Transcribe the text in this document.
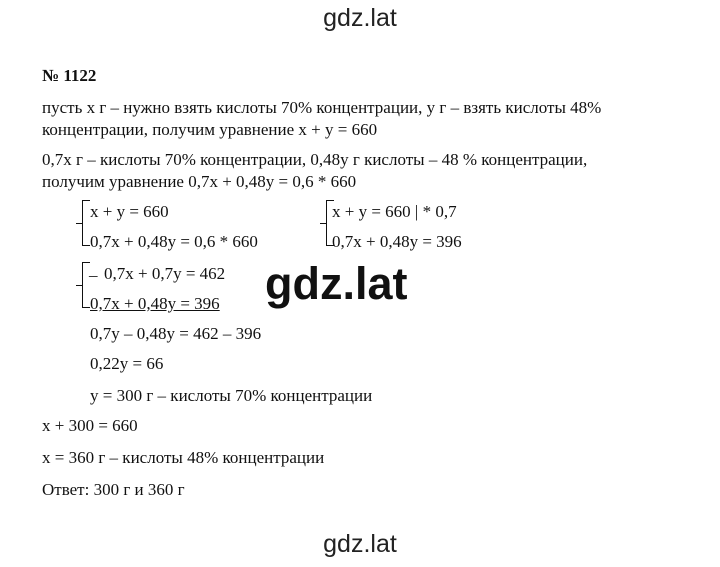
gdz.lat
№ 1122
пусть х г – нужно взять кислоты 70% концентрации, у г – взять кислоты 48%
концентрации, получим уравнение х + у = 660
0,7х г – кислоты 70% концентрации, 0,48у г кислоты – 48 % концентрации,
получим уравнение 0,7х + 0,48у = 0,6 * 660
х + у = 660
0,7х + 0,48у = 0,6 * 660
х + у = 660 | * 0,7
0,7х + 0,48у = 396
_ 0,7х + 0,7у = 462
0,7х + 0,48у = 396 gdz.lat
0,7у – 0,48у = 462 – 396
0,22у = 66
у = 300 г – кислоты 70% концентрации
х + 300 = 660
х = 360 г – кислоты 48% концентрации
Ответ: 300 г и 360 г
gdz.lat
